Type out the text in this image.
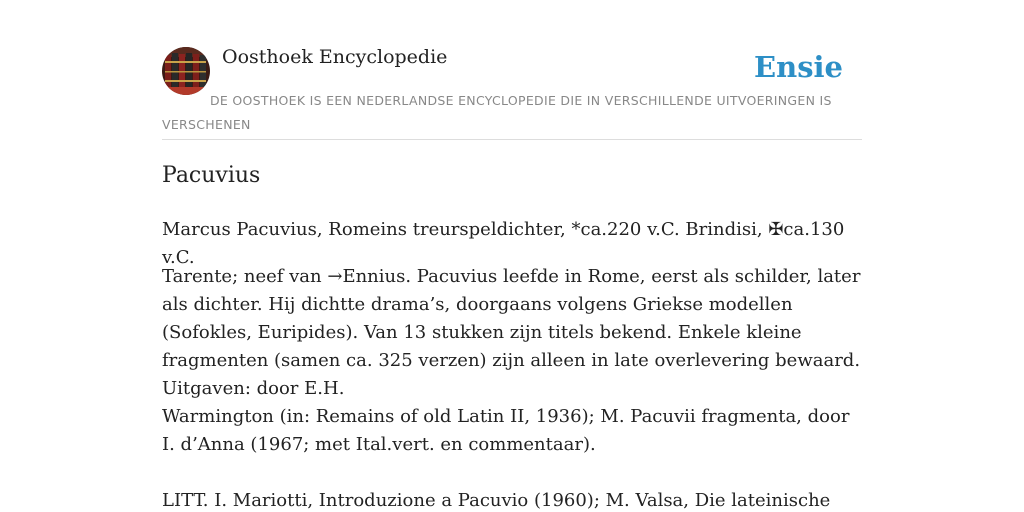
Oosthoek Encyclopedie	Ensie
DE OOSTHOEK IS EEN NEDERLANDSE ENCYCLOPEDIE DIE IN VERSCHILLENDE UITVOERINGEN IS VERSCHENEN
Pacuvius

Marcus Pacuvius, Romeins treurspeldichter, *ca.220 v.C. Brindisi, ✠ca.130 v.C.

Tarente; neef van →Ennius. Pacuvius leefde in Rome, eerst als schilder, later als dichter. Hij dichtte drama’s, doorgaans volgens Griekse modellen (Sofokles, Euripides). Van 13 stukken zijn titels bekend. Enkele kleine fragmenten (samen ca. 325 verzen) zijn alleen in late overlevering bewaard. Uitgaven: door E.H.

Warmington (in: Remains of old Latin II, 1936); M. Pacuvii fragmenta, door I. d’Anna (1967; met Ital.vert. en commentaar).

LITT. I. Mariotti, Introduzione a Pacuvio (1960); M. Valsa, Die lateinische
